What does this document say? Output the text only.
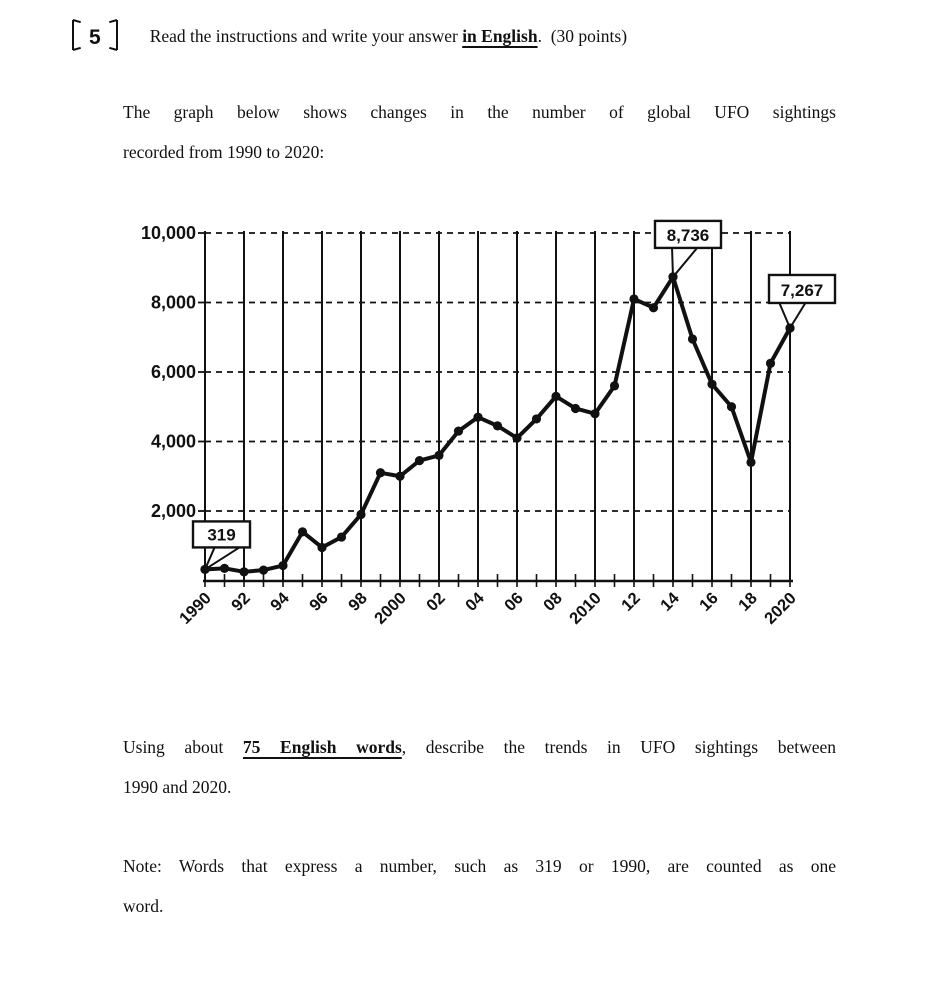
5	Read the instructions and write your answer in English.  (30 points)
The graph below shows changes in the number of global UFO sightings
recorded from 1990 to 2020:
2,000
4,000
6,000
8,000
10,000
1990 92 94 96 98 2000 02 04 06 08 2010 12 14 16 18 2020
319
8,736
7,267
Using about 75 English words, describe the trends in UFO sightings between
1990 and 2020.
Note: Words that express a number, such as 319 or 1990, are counted as one
word.
